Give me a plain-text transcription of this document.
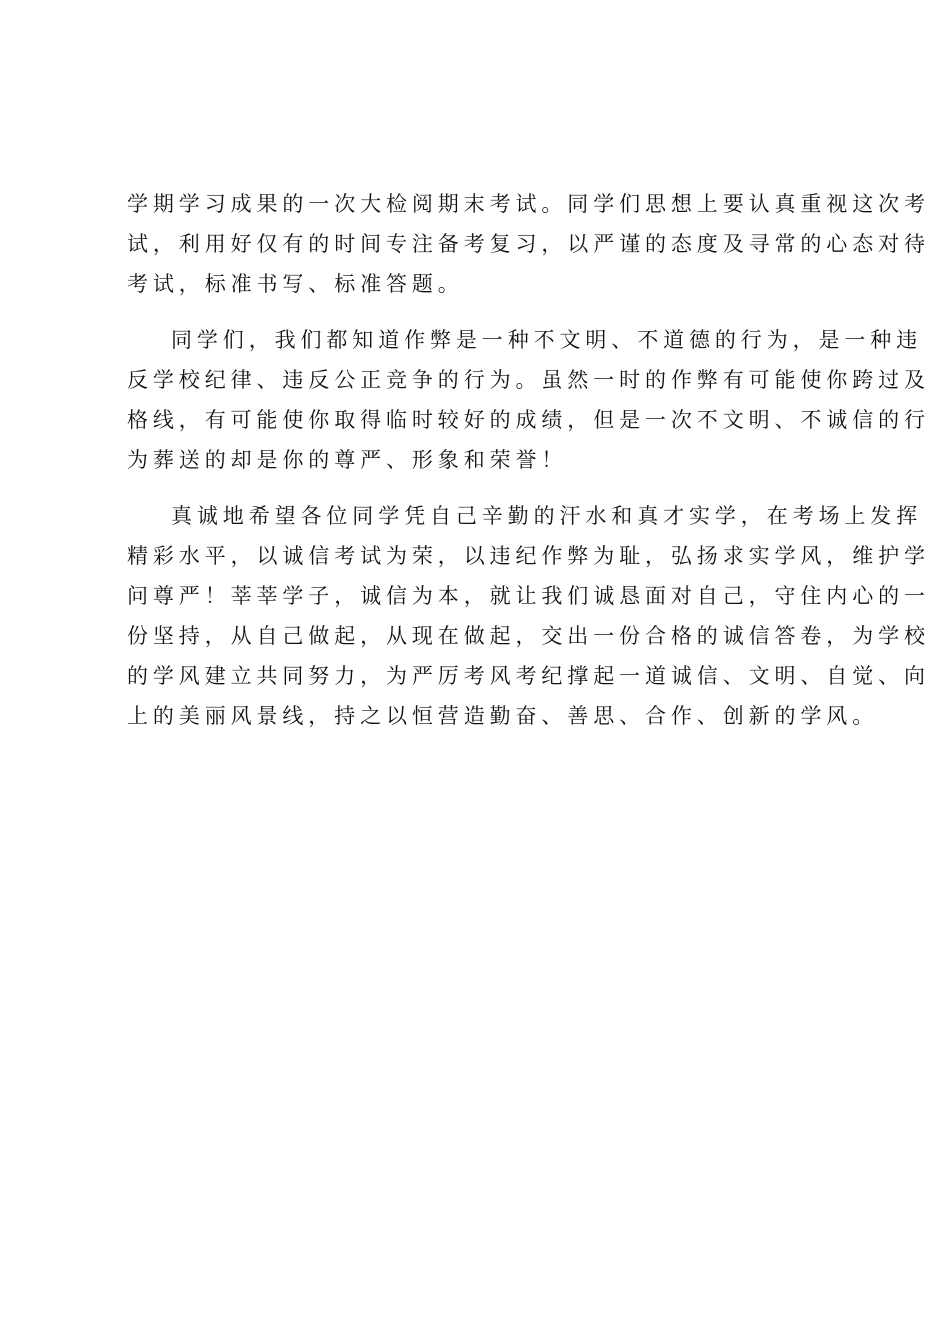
学期学习成果的一次大检阅期末考试。同学们思想上要认真重视这次考
试，利用好仅有的时间专注备考复习，以严谨的态度及寻常的心态对待
考试，标准书写、标准答题。
同学们，我们都知道作弊是一种不文明、不道德的行为，是一种违
反学校纪律、违反公正竞争的行为。虽然一时的作弊有可能使你跨过及
格线，有可能使你取得临时较好的成绩，但是一次不文明、不诚信的行
为葬送的却是你的尊严、形象和荣誉！
真诚地希望各位同学凭自己辛勤的汗水和真才实学，在考场上发挥
精彩水平，以诚信考试为荣，以违纪作弊为耻，弘扬求实学风，维护学
问尊严！莘莘学子，诚信为本，就让我们诚恳面对自己，守住内心的一
份坚持，从自己做起，从现在做起，交出一份合格的诚信答卷，为学校
的学风建立共同努力，为严厉考风考纪撑起一道诚信、文明、自觉、向
上的美丽风景线，持之以恒营造勤奋、善思、合作、创新的学风。
